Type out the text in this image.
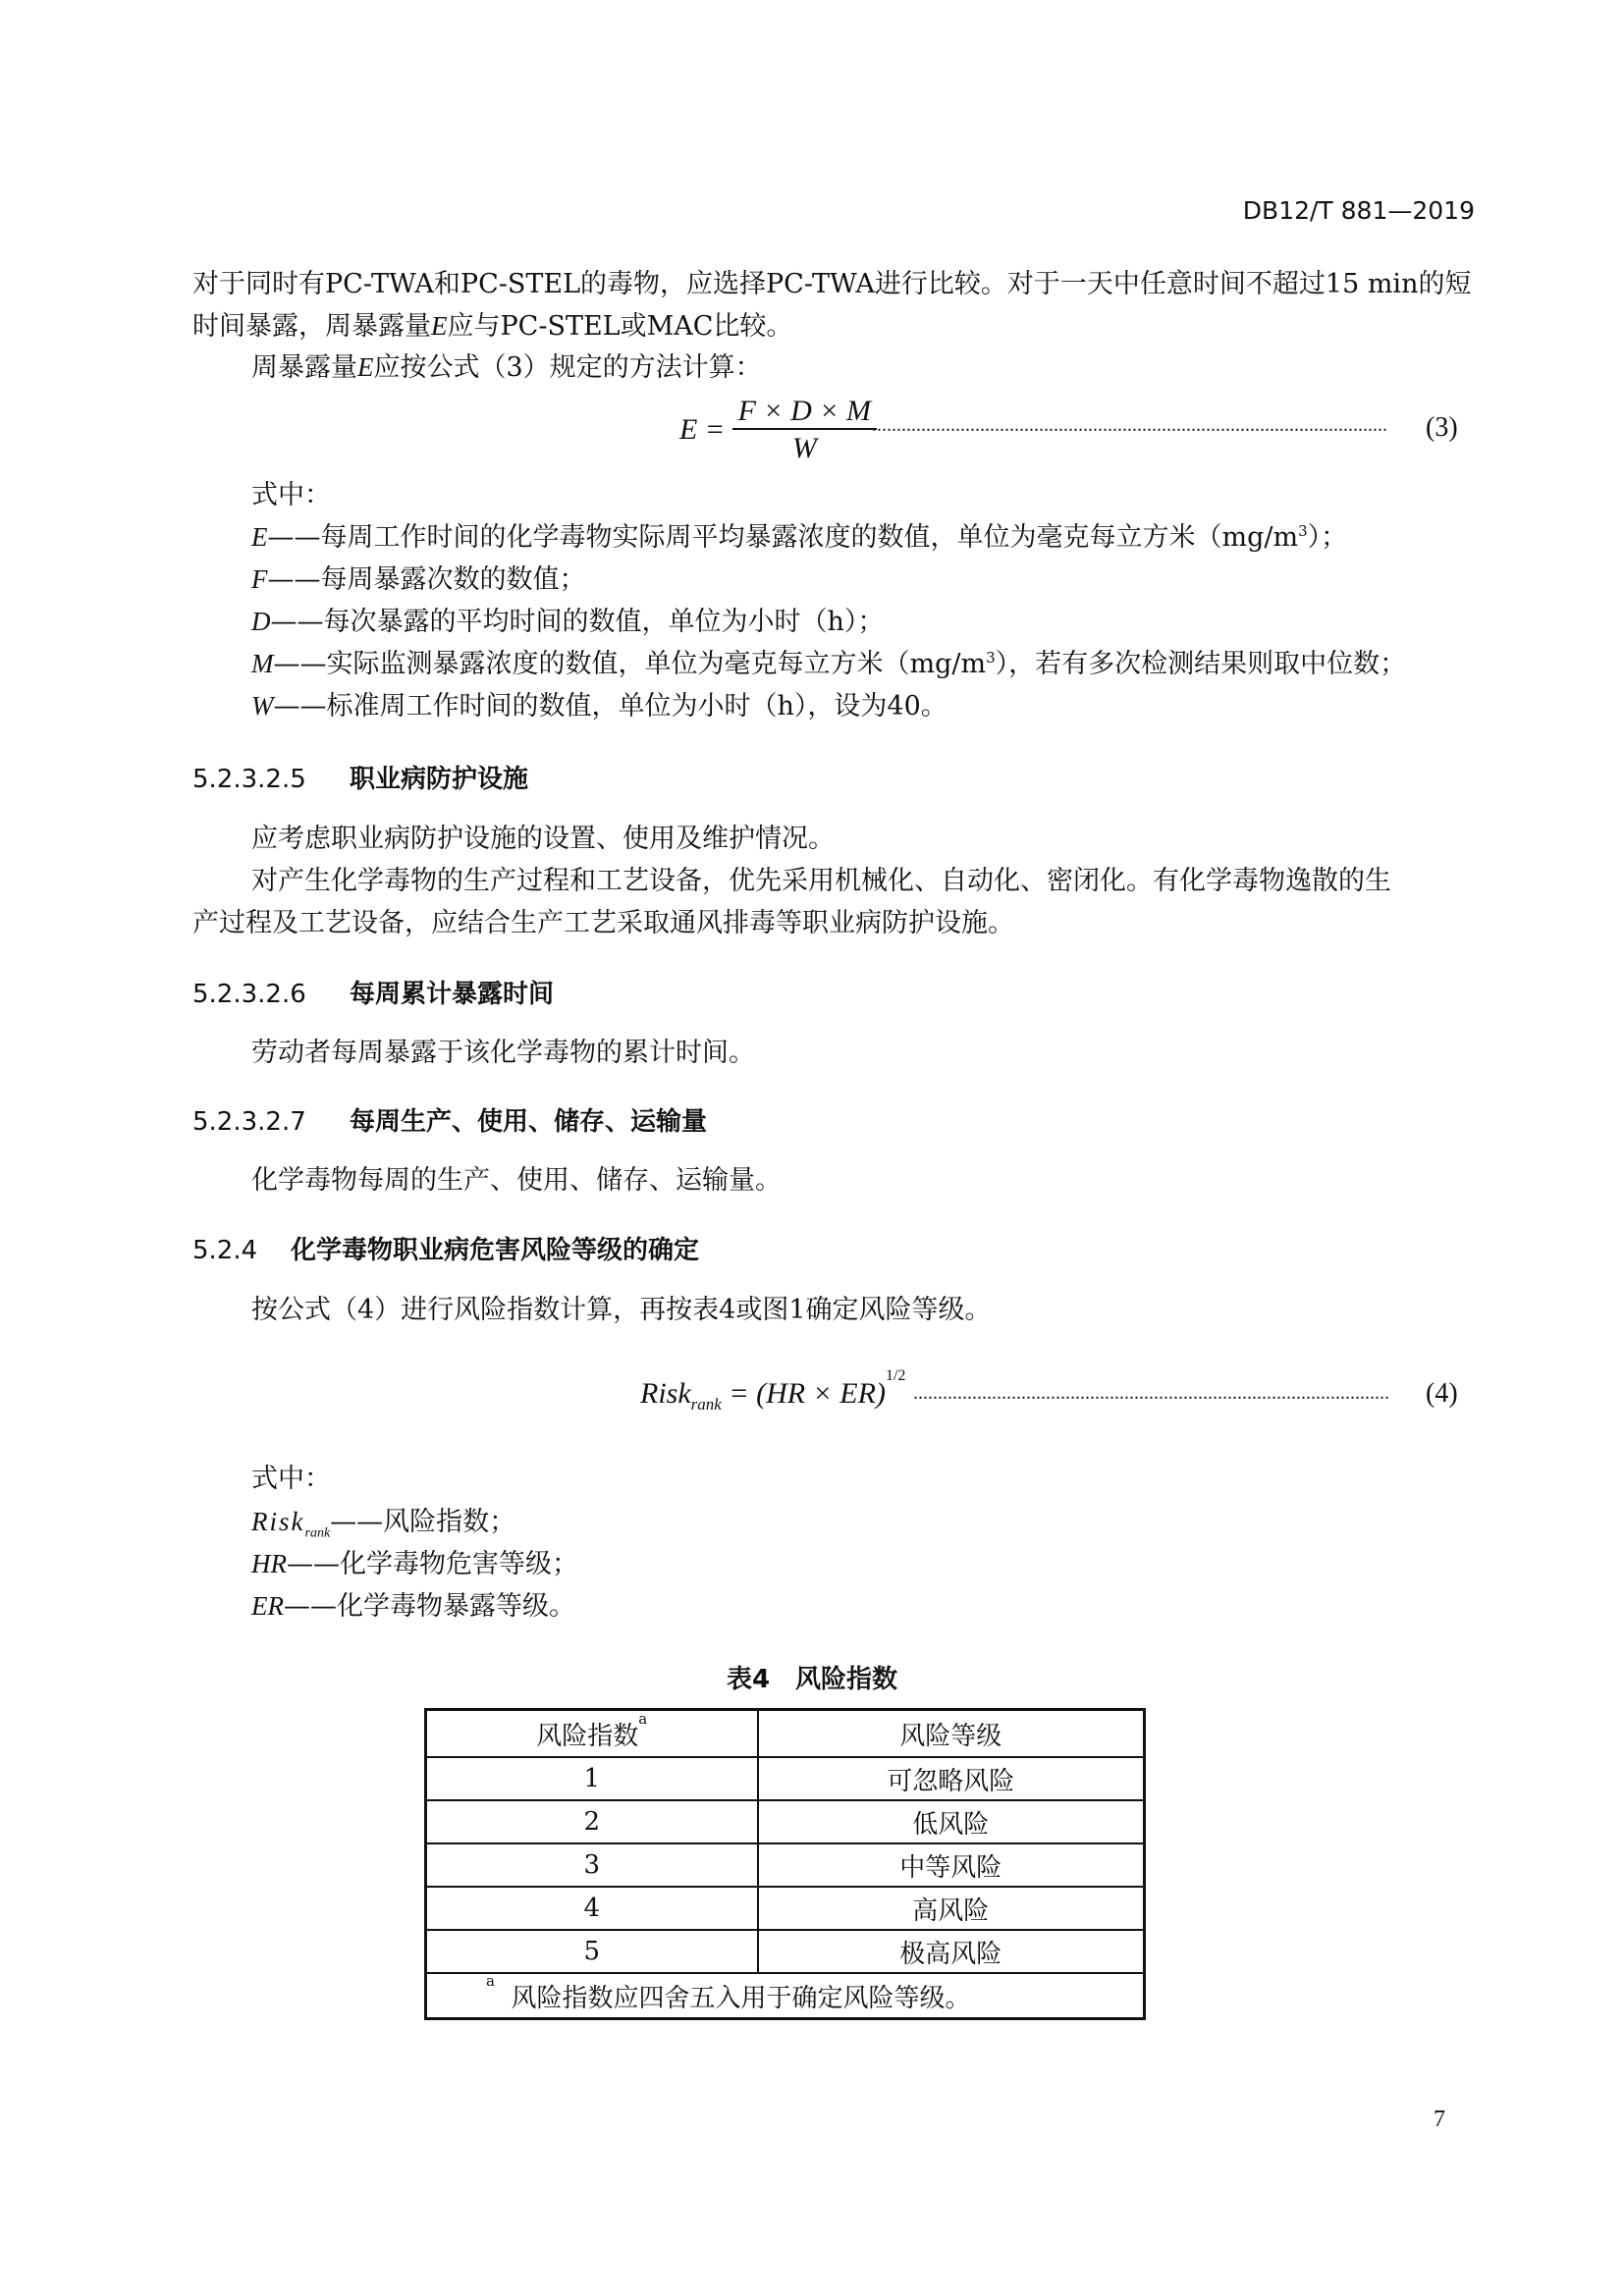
DB12/T 881—2019
对于同时有PC-TWA和PC-STEL的毒物，应选择PC-TWA进行比较。对于一天中任意时间不超过15 min的短
时间暴露，周暴露量E应与PC-STEL或MAC比较。
周暴露量E应按公式（3）规定的方法计算：
$E = \frac{F \times D \times M}{W}$
.........................................................................................................	(3)
式中：
E——每周工作时间的化学毒物实际周平均暴露浓度的数值，单位为毫克每立方米$(mg/m^3)$；
F——每周暴露次数的数值；
D——每次暴露的平均时间的数值，单位为小时（h）；
M——实际监测暴露浓度的数值，单位为毫克每立方米$(mg/m^3)$，若有多次检测结果则取中位数；
W——标准周工作时间的数值，单位为小时（h），设为40。
5.2.3.2.5 职业病防护设施
应考虑职业病防护设施的设置、使用及维护情况。
对产生化学毒物的生产过程和工艺设备，优先采用机械化、自动化、密闭化。有化学毒物逸散的生
产过程及工艺设备，应结合生产工艺采取通风排毒等职业病防护设施。
5.2.3.2.6 每周累计暴露时间
劳动者每周暴露于该化学毒物的累计时间。
5.2.3.2.7 每周生产、使用、储存、运输量
化学毒物每周的生产、使用、储存、运输量。
5.2.4 化学毒物职业病危害风险等级的确定
按公式（4）进行风险指数计算，再按表4或图1确定风险等级。
Risk$_{rank}$ = (HR × ER)$^{1/2}$
.................................................................................................	(4)
式中：
Risk$_{rank}$——风险指数；
HR——化学毒物危害等级；
ER——化学毒物暴露等级。
表4　风险指数
风险指数$^a$	风险等级
1	可忽略风险
2	低风险
3	中等风险
4	高风险
5	极高风险
$^a$  风险指数应四舍五入用于确定风险等级。	
7
